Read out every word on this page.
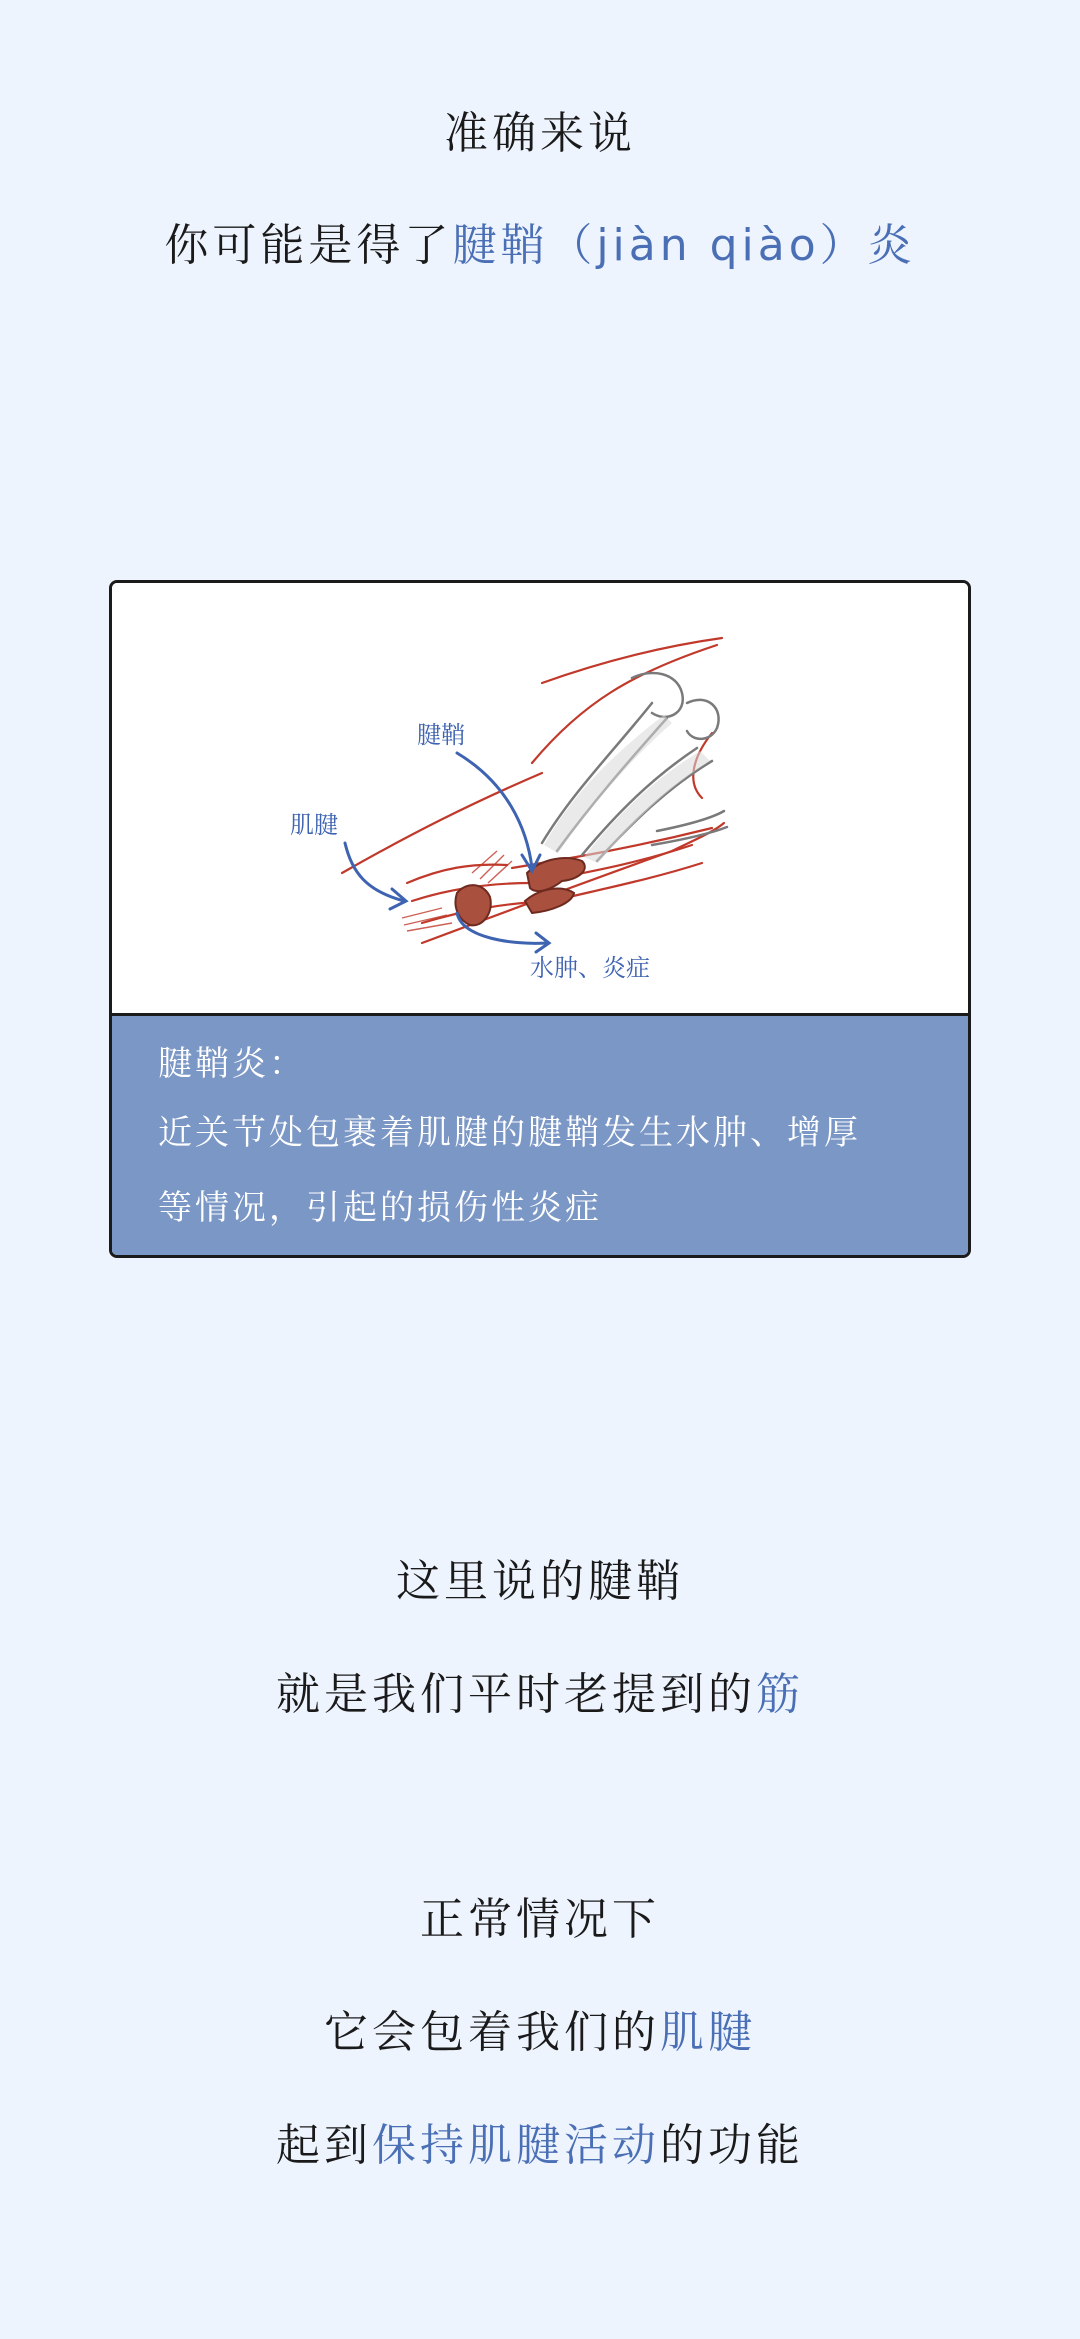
准确来说
你可能是得了腱鞘（jiàn qiào）炎
腱鞘
肌腱
水肿、炎症
腱鞘炎：
近关节处包裹着肌腱的腱鞘发生水肿、增厚
等情况，引起的损伤性炎症
这里说的腱鞘
就是我们平时老提到的筋
正常情况下
它会包着我们的肌腱
起到保持肌腱活动的功能
